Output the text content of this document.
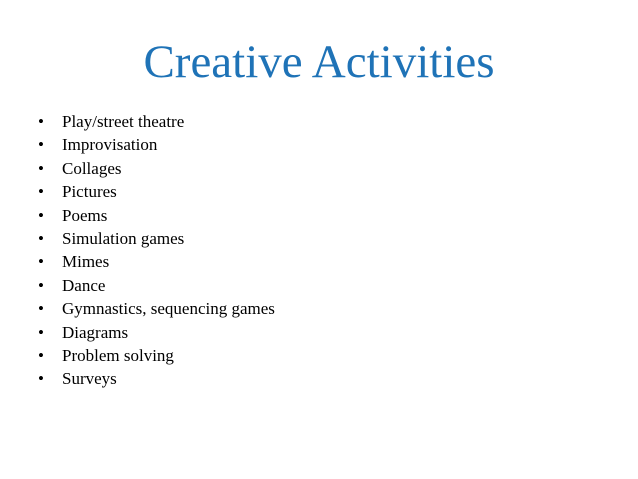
Creative Activities
•	Play/street theatre
•	Improvisation
•	Collages
•	Pictures
•	Poems
•	Simulation games
•	Mimes
•	Dance
•	Gymnastics, sequencing games
•	Diagrams
•	Problem solving
•	Surveys
